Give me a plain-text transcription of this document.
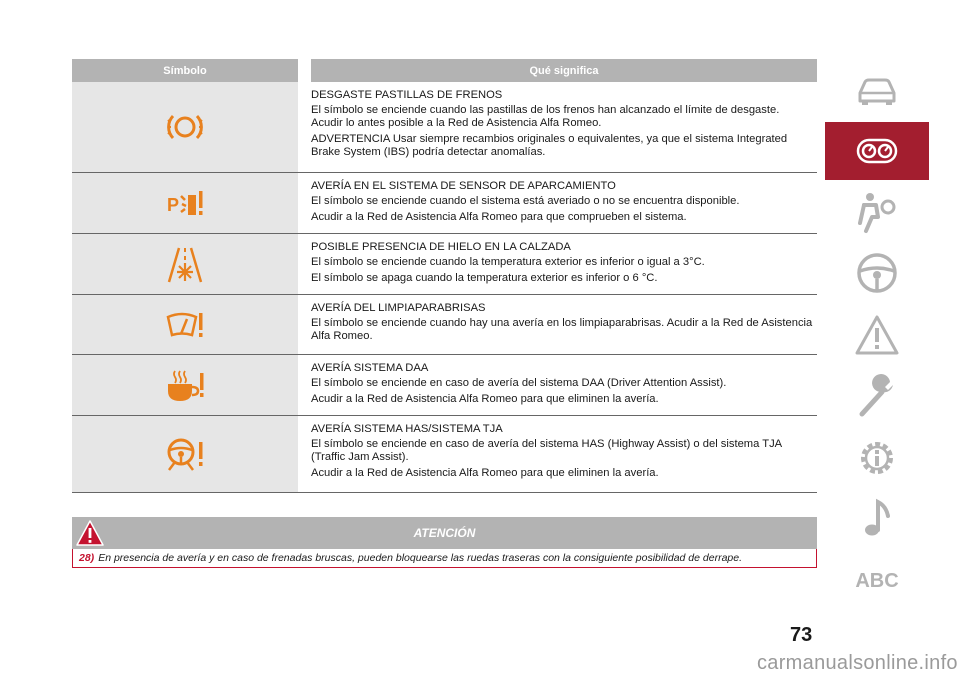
Símbolo	Qué significa
DESGASTE PASTILLAS DE FRENOS

El símbolo se enciende cuando las pastillas de los frenos han alcanzado el límite de desgaste. Acudir lo antes posible a la Red de Asistencia Alfa Romeo.

ADVERTENCIA Usar siempre recambios originales o equivalentes, ya que el sistema Integrated Brake System (IBS) podría detectar anomalías.

P
AVERÍA EN EL SISTEMA DE SENSOR DE APARCAMIENTO

El símbolo se enciende cuando el sistema está averiado o no se encuentra disponible.

Acudir a la Red de Asistencia Alfa Romeo para que comprueben el sistema.

POSIBLE PRESENCIA DE HIELO EN LA CALZADA

El símbolo se enciende cuando la temperatura exterior es inferior o igual a 3°C.

El símbolo se apaga cuando la temperatura exterior es inferior o 6 °C.

AVERÍA DEL LIMPIAPARABRISAS

El símbolo se enciende cuando hay una avería en los limpiaparabrisas. Acudir a la Red de Asistencia Alfa Romeo.

AVERÍA SISTEMA DAA

El símbolo se enciende en caso de avería del sistema DAA (Driver Attention Assist).

Acudir a la Red de Asistencia Alfa Romeo para que eliminen la avería.

AVERÍA SISTEMA HAS/SISTEMA TJA

El símbolo se enciende en caso de avería del sistema HAS (Highway Assist) o del sistema TJA (Traffic Jam Assist).

Acudir a la Red de Asistencia Alfa Romeo para que eliminen la avería.

ATENCIÓN
28) En presencia de avería y en caso de frenadas bruscas, pueden bloquearse las ruedas traseras con la consiguiente posibilidad de derrape.
ABC
73
carmanualsonline.info
